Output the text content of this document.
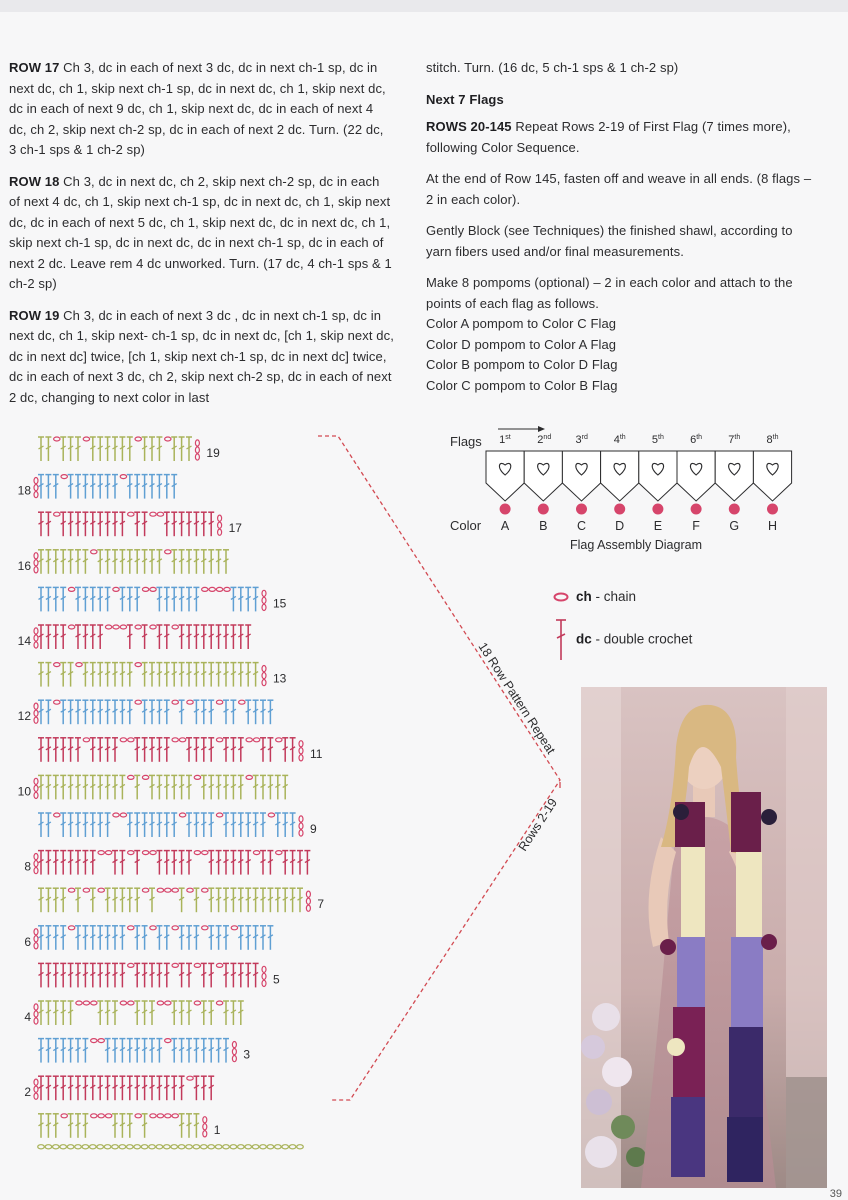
ROW 17 Ch 3, dc in each of next 3 dc, dc in next ch-1 sp, dc in next dc, ch 1, skip next ch-1 sp, dc in next dc, ch 1, skip next dc, dc in each of next 9 dc, ch 1, skip next dc, dc in each of next 4 dc, ch 2, skip next ch-2 sp, dc in each of next 2 dc. Turn. (22 dc, 3 ch-1 sps & 1 ch-2 sp)

ROW 18 Ch 3, dc in next dc, ch 2, skip next ch-2 sp, dc in each of next 4 dc, ch 1, skip next ch-1 sp, dc in next dc, ch 1, skip next dc, dc in each of next 5 dc, ch 1, skip next dc, dc in next dc, ch 1, skip next ch-1 sp, dc in next dc, dc in next ch-1 sp, dc in each of next 2 dc. Leave rem 4 dc unworked. Turn. (17 dc, 4 ch-1 sps & 1 ch-2 sp)

ROW 19 Ch 3, dc in each of next 3 dc , dc in next ch-1 sp, dc in next dc, ch 1, skip next- ch-1 sp, dc in next dc, [ch 1, skip next dc, dc in next dc] twice, [ch 1, skip next ch-1 sp, dc in next dc] twice, dc in each of next 3 dc, ch 2, skip next ch-2 sp, dc in each of next 2 dc, changing to next color in last

stitch. Turn. (16 dc, 5 ch-1 sps & 1 ch-2 sp)

Next 7 Flags

ROWS 20-145 Repeat Rows 2-19 of First Flag (7 times more), following Color Sequence.

At the end of Row 145, fasten off and weave in all ends. (8 flags – 2 in each color).

Gently Block (see Techniques) the finished shawl, according to yarn fibers used and/or final measurements.

Make 8 pompoms (optional) – 2 in each color and attach to the points of each flag as follows.

Color A pompom to Color C Flag

Color D pompom to Color A Flag

Color B pompom to Color D Flag

Color C pompom to Color B Flag

19
18
17
16
15
14
13
12
11
10
9
8
7
6
5
4
3
2
1
18 Row Pattern Repeat
Rows 2-19
Flags 1st
A
2nd
B
3rd
C
4th
D
5th
E
6th
F
7th
G
8th
H
Color
Flag Assembly Diagram
ch - chain
dc - double crochet
39
